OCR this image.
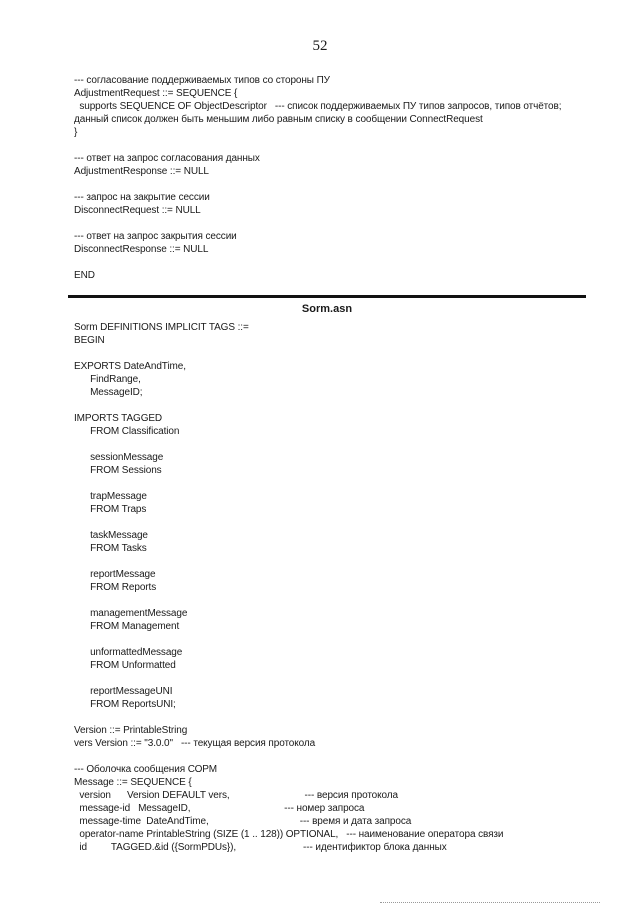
52
--- согласование поддерживаемых типов со стороны ПУ
AdjustmentRequest ::= SEQUENCE {
supports SEQUENCE OF ObjectDescriptor   --- список поддерживаемых ПУ типов запросов, типов отчётов;
данный список должен быть меньшим либо равным списку в сообщении ConnectRequest
}
--- ответ на запрос согласования данных
AdjustmentResponse ::= NULL
--- запрос на закрытие сессии
DisconnectRequest ::= NULL
--- ответ на запрос закрытия сессии
DisconnectResponse ::= NULL
END
Sorm.asn
Sorm DEFINITIONS IMPLICIT TAGS ::=
BEGIN
EXPORTS DateAndTime,
FindRange,
MessageID;
IMPORTS TAGGED
FROM Classification
sessionMessage
FROM Sessions
trapMessage
FROM Traps
taskMessage
FROM Tasks
reportMessage
FROM Reports
managementMessage
FROM Management
unformattedMessage
FROM Unformatted
reportMessageUNI
FROM ReportsUNI;
Version ::= PrintableString
vers Version ::= "3.0.0"   --- текущая версия протокола
--- Оболочка сообщения СОРМ
Message ::= SEQUENCE {
version      Version DEFAULT vers,                            --- версия протокола
message-id   MessageID,                                   --- номер запроса
message-time  DateAndTime,                                  --- время и дата запроса
operator-name PrintableString (SIZE (1 .. 128)) OPTIONAL,   --- наименование оператора связи
id         TAGGED.&id ({SormPDUs}),                         --- идентификтор блока данных
